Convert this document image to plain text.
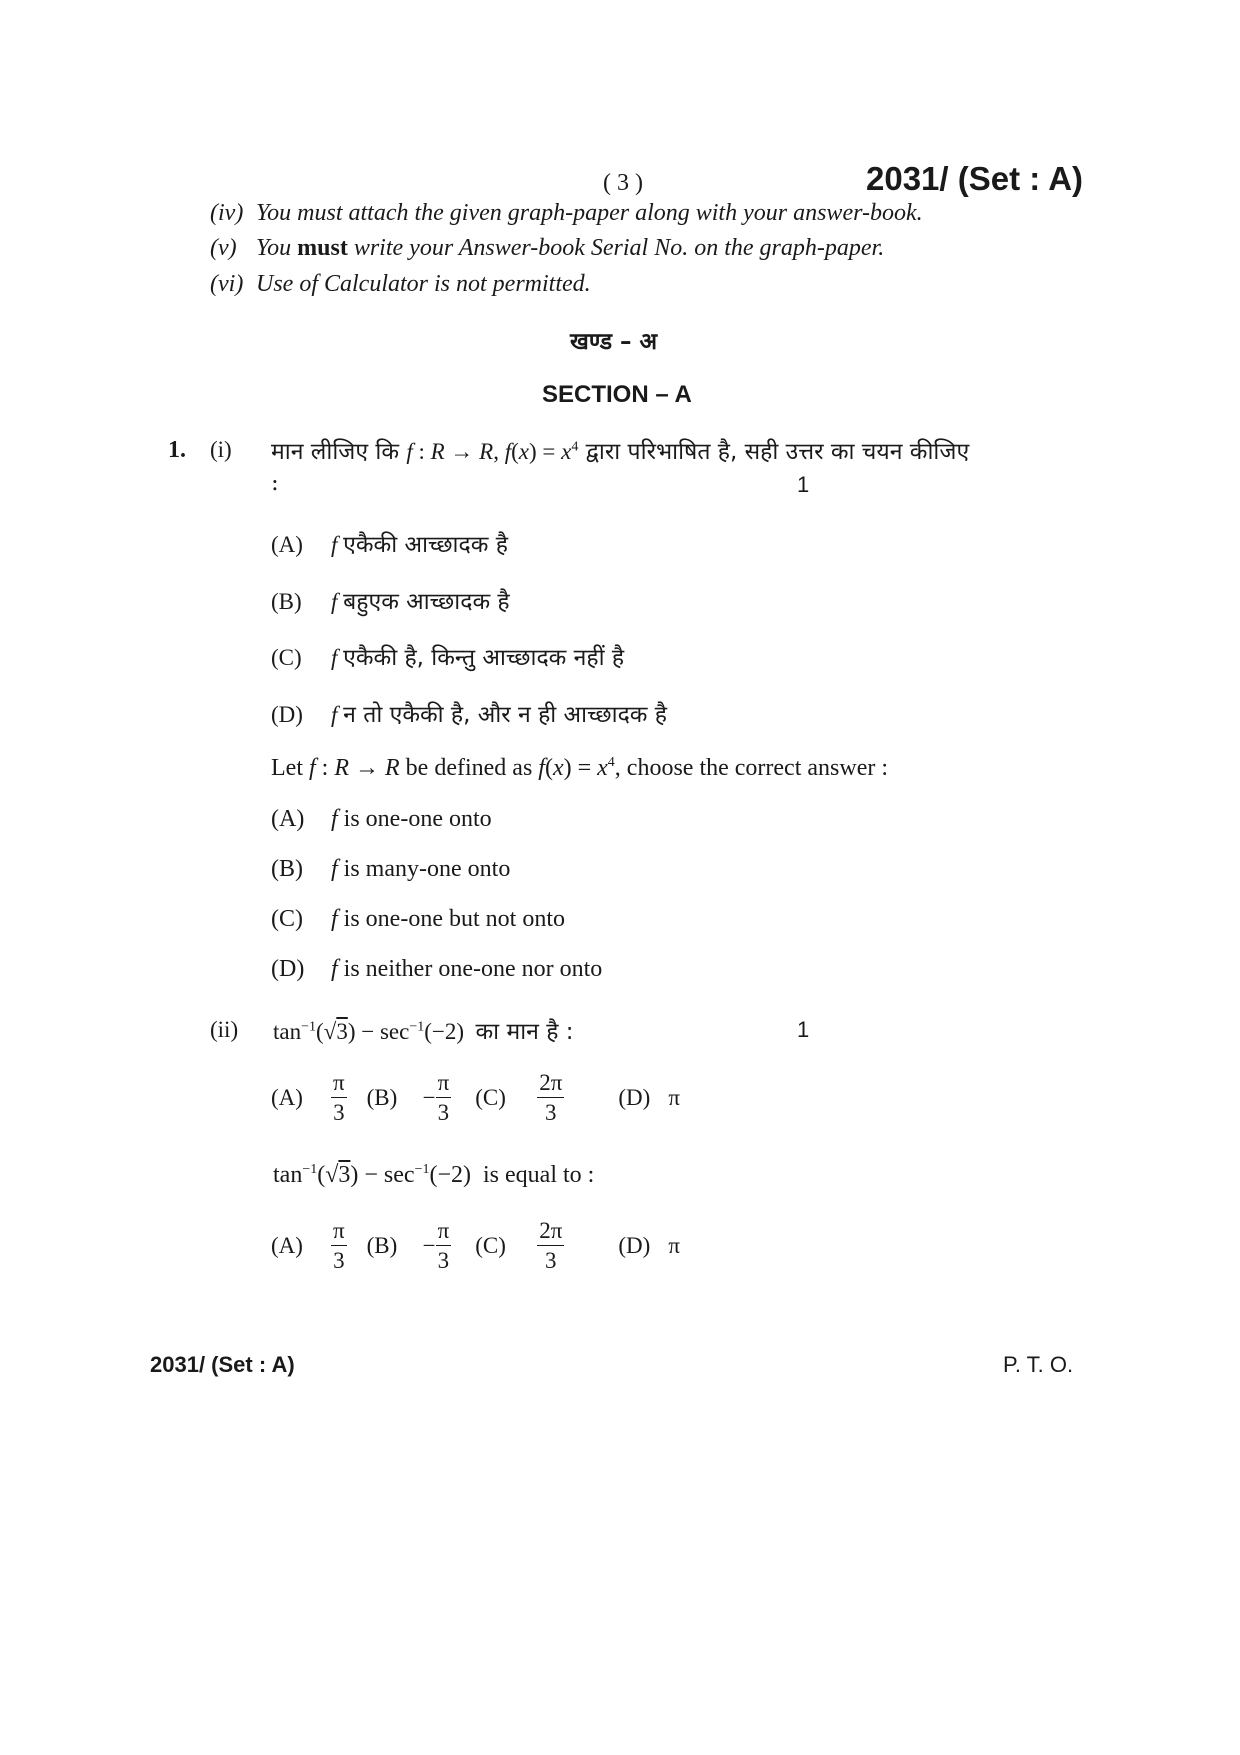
( 3 )	2031/ (Set : A)
(iv) You must attach the given graph-paper along with your answer-book.
(v) You must write your Answer-book Serial No. on the graph-paper.
(vi) Use of Calculator is not permitted.
खण्ड – अ
SECTION – A
1. (i) मान लीजिए कि f : R → R, $f(x) = x^4$ द्वारा परिभाषित है, सही उत्तर का चयन कीजिए
:	1
(A) f एकैकी आच्छादक है
(B) f बहुएक आच्छादक है
(C) f एकैकी है, किन्तु आच्छादक नहीं है
(D) f न तो एकैकी है, और न ही आच्छादक है
Let f : R → R be defined as $f(x) = x^4$, choose the correct answer :
(A) f is one-one onto
(B) f is many-one onto
(C) f is one-one but not onto
(D) f is neither one-one nor onto
(ii) $\tan^{-1}(√3) - \sec^{-1}(-2)$ का मान है :	1
(A)	$\frac{\pi}{3} (B)$	− $\frac{\pi}{3} (C)$	$\frac{2\pi}{3} (D)$ π
$\tan^{-1}(√3) - \sec^{-1}(-2)$ is equal to :
(A)	$\frac{\pi}{3} (B)$	− $\frac{\pi}{3} (C)$	$\frac{2\pi}{3} (D)$ π
2031/ (Set : A)	P. T. O.
